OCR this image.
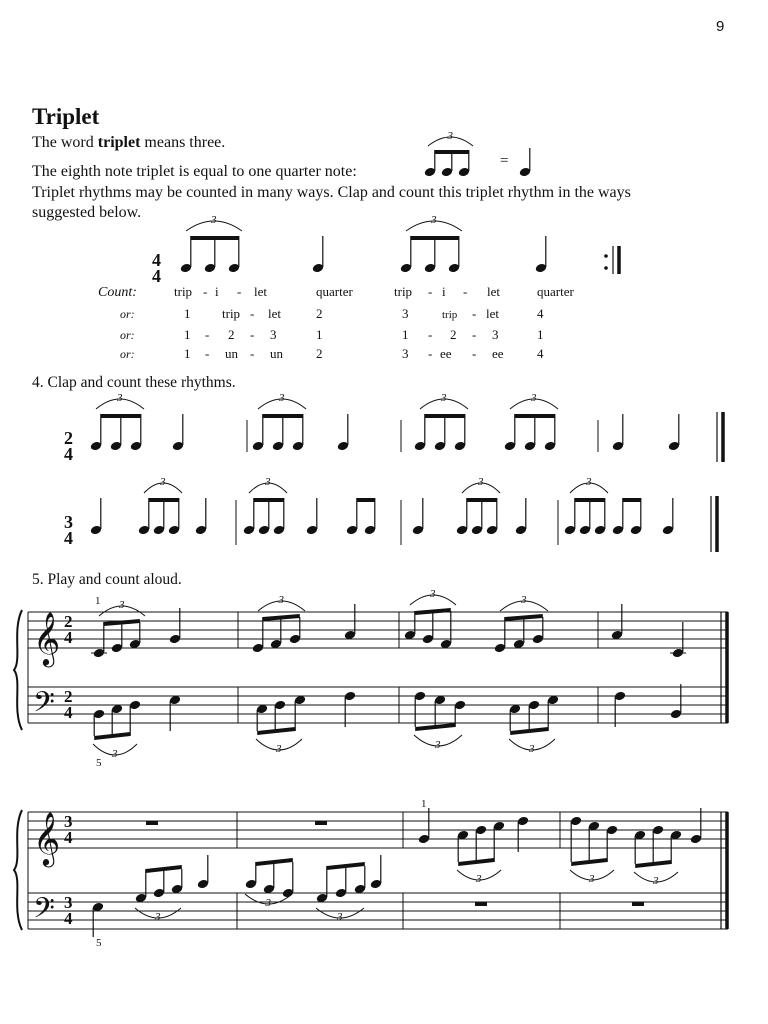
9
Triplet
The word triplet means three.
The eighth note triplet is equal to one quarter note:
Triplet rhythms may be counted in many ways. Clap and count this triplet rhythm in the ways
suggested below.
4. Clap and count these rhythms.
5. Play and count aloud.
3
=
4
4
3	3
Count:	trip - i - let	quarter	trip - i - let	quarter
or:	1 trip - let	2	3	trip - let	4
or:	1 - 2 - 3	1	1 - 2 - 3	1
or:	1 - un - un	2	3 - ee - ee	4
2
4
3	3	3	3
3
4
3	3	3	3
𝄞
𝄢
2
4
2
4
1
5
3	3	3	3
3	3	3	3
𝄞
𝄢
3
4
3
4
1
5
3	3	3
3
3
3
